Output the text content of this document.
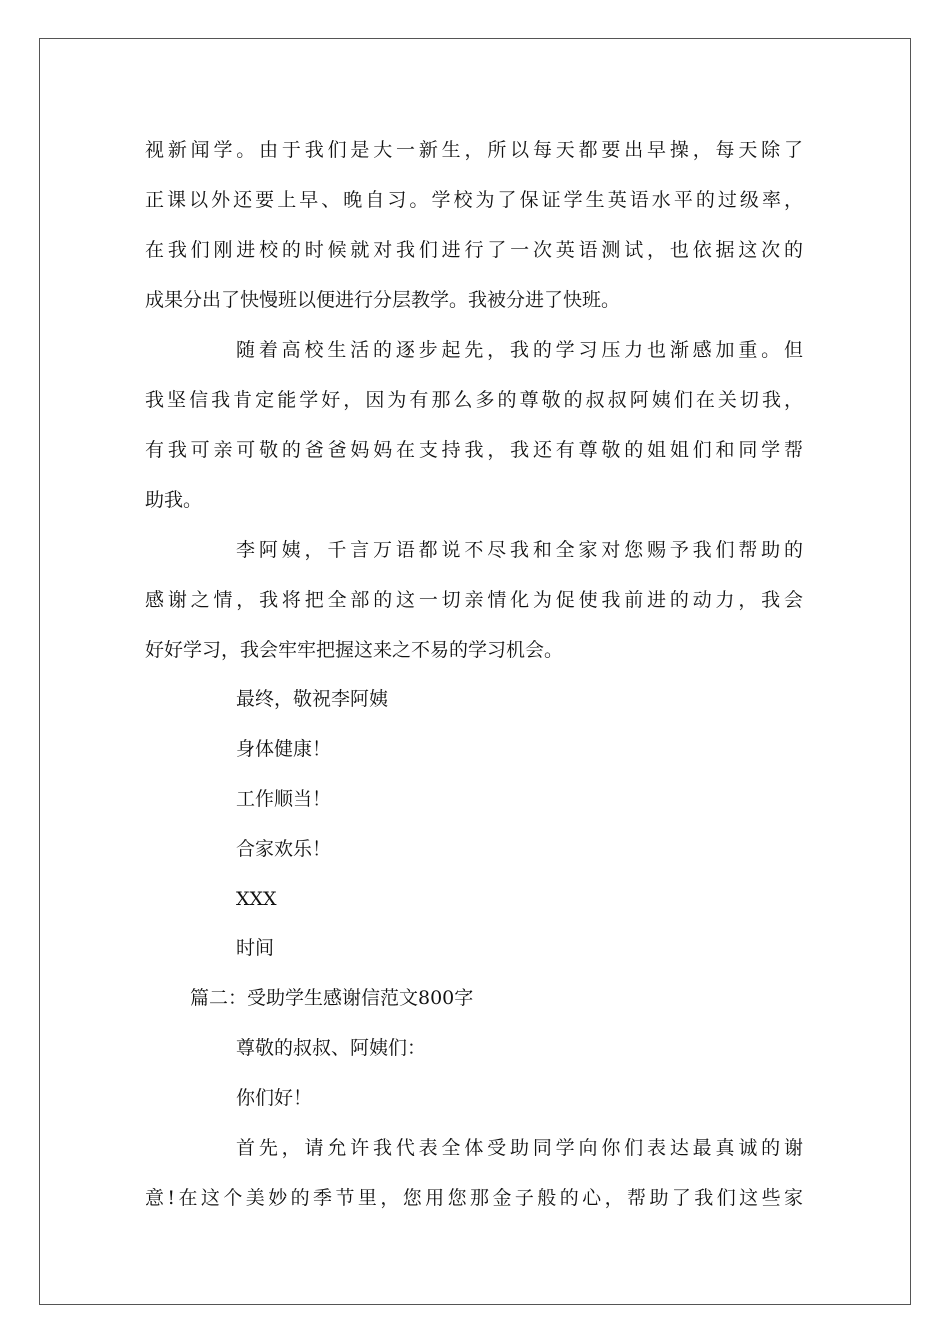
视新闻学。由于我们是大一新生，所以每天都要出早操，每天除了
正课以外还要上早、晚自习。学校为了保证学生英语水平的过级率，
在我们刚进校的时候就对我们进行了一次英语测试，也依据这次的
成果分出了快慢班以便进行分层教学。我被分进了快班。
随着高校生活的逐步起先，我的学习压力也渐感加重。但
我坚信我肯定能学好，因为有那么多的尊敬的叔叔阿姨们在关切我，
有我可亲可敬的爸爸妈妈在支持我，我还有尊敬的姐姐们和同学帮
助我。
李阿姨，千言万语都说不尽我和全家对您赐予我们帮助的
感谢之情，我将把全部的这一切亲情化为促使我前进的动力，我会
好好学习，我会牢牢把握这来之不易的学习机会。
最终，敬祝李阿姨
身体健康！
工作顺当！
合家欢乐！
XXX
时间
篇二：受助学生感谢信范文800字
尊敬的叔叔、阿姨们：
你们好！
首先，请允许我代表全体受助同学向你们表达最真诚的谢
意!在这个美妙的季节里，您用您那金子般的心，帮助了我们这些家
